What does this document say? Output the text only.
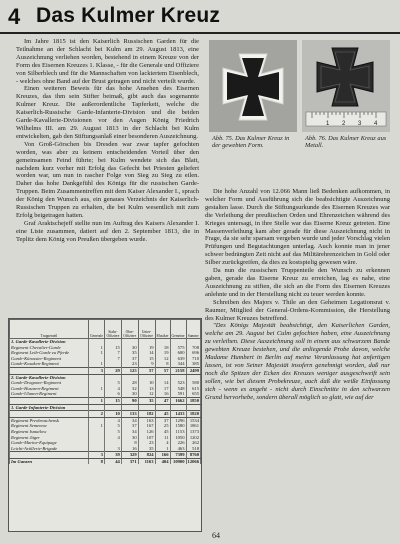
4 Das Kulmer Kreuz

Im Jahre 1815 ist den Kaiserlich Russischen Garden für die Teilnahme an der Schlacht bei Kulm am 29. August 1813, eine Auszeichnung verliehen worden, bestehend in einem Kreuze von der Form des Eisernen Kreuzes 1. Klasse, - für die Generale und Offiziere von Silberblech und für die Mannschaften von lackiertem Eisenblech, - welches ohne Band auf der Brust getragen und nicht verteilt wurde.

Einen weiteren Beweis für das hohe Ansehen des Eisernen Kreuzes, das ihm sein Stifter beimaß, gibt auch das sogenannte Kulmer Kreuz. Die außerordentliche Tapferkeit, welche die Kaiserlich-Russische Garde-Infanterie-Division und die beiden Garde-Kavallerie-Divisionen vor den Augen König Friedrich Wilhelms III. am 29. August 1813 in der Schlacht bei Kulm entwickelten, gab den Stiftungsanlaß einer besonderen Auszeichnung.

Von Groß-Görschen bis Dresden war zwar tapfer gefochten worden, was aber zu keinem entscheidenden Vorteil über den gemeinsamen Feind führte; bei Kulm wendete sich das Blatt, nachdem kurz vorher mit Erfolg das Gefecht bei Priesten geliefert worden war, um nun in rascher Folge von Sieg zu Sieg zu eilen. Daher das hohe Dankgefühl des Königs für die russischen Garde-Truppen. Beim Zusammentreffen mit dem Kaiser Alexander I., sprach der König den Wunsch aus, ein genaues Verzeichnis der Kaiserlich-Russischen Truppen zu erhalten, die bei Kulm wesentlich mit zum Erfolg beigetragen hatten.

Graf Araktschejeff stellte nun im Auftrag des Kaisers Alexander I. eine Liste zusammen, datiert auf den 2. September 1813, die in Teplitz dem König von Preußen übergeben wurde.

1 2 3 4
Abb. 75. Das Kulmer Kreuz in der gewebten Form.
Abb. 76. Das Kulmer Kreuz aus Metall.

Die hohe Anzahl von 12.066 Mann ließ Bedenken aufkommen, in welcher Form und Ausführung sich die beabsichtigte Auszeichnung gestalten lasse. Durch die Stiftungsurkunde des Eisernen Kreuzes war die Verleihung der preußischen Orden und Ehrenzeichen während des Krieges untersagt, in ihre Stelle war das Eiserne Kreuz getreten. Eine Massenverleihung kam aber gerade für diese Auszeichnung nicht in Frage, da sie sehr sparsam vergeben wurde und jeder Vorschlag vielen Prüfungen und Begutachtungen unterlag. Auch konnte man in jener schwer bedrängten Zeit nicht auf das Militärehrenzeichen in Gold oder Silber zurückgreifen, da dies zu kostspielig gewesen wäre.

Da nun die russischen Truppenteile den Wunsch zu erkennen gaben, gerade das Eiserne Kreuz zu erreichen, lag es nahe, eine Auszeichnung zu stiften, die sich an die Form des Eisernen Kreuzes anlehnte und in der Herstellung nicht zu teuer werden konnte.

Schreiben des Majors v. Thile an den Geheimen Legationsrat v. Raumer, Mitglied der General-Ordens-Kommission, die Herstellung des Kulmer Kreuzes betreffend.

"Des Königs Majestät beabsichtigt, den Kaiserlichen Garden, welche am 29. August bei Culm gefochten haben, eine Auszeichnung zu verleihen. Diese Auszeichnung soll in einem aus schwarzem Bande gewebten Kreuze bestehen, und die anliegende Probe davon, welche Madame Humbert in Berlin auf meine Veranlassung hat anfertigen lassen, ist von Seiner Majestät insofern genehmigt worden, daß nur noch die Spitzen der Ecken des Kreuzes weniger ausgeschweift sein sollen, wie bei diesem Probekreuze, auch daß die weiße Einfassung sich - wenn es angeht - nicht durch Einschnitte in den schwarzen Grund hervorhebe, sondern überall möglich so glatt, wie auf der

Truppenteil	Generale	Stabs-Offiziere	Ober-Offiziere	Unter-Offiziere	Musiker	Gemeine	Summe
1. Garde-Kavallerie-Division							
Regiment Chevalier-Garde	1	15	30	19	18	575	708
Regiment Leib-Garde zu Pferde	1	7	35	14	19	600	696
Garde-Kürassier-Regiment		7	37	15	12	639	710
Garde-Kosaken-Regiment	1		23	9	8	344	385
	3	29	125	57	57	2158	2499
2. Garde-Kavallerie-Division							
Garde-Dragoner-Regiment		5	28	10	14	523	580
Garde-Husaren-Regiment	1	4	32	13	17	548	615
Garde-Ulanen-Regiment		6	30	12	16	591	655
	1	15	90	35	47	1662	1850
1. Garde-Infanterie-Division							
	2	10	133	182	45	1433	1820
Regiment Preobraschensk		4	34	163	37	1296	1534
Regiment Semenow	1	5	37	167	25	1580	1861
Regiment Ismailow		5	34	126	45	1153	1373
Regiment Jäger		4	30	107	11	1050	1202
Garde-Marine-Equipage			8	23	4	226	262
Leicht-Artillerie-Brigade		3	16	35	1	463	518
	3	39	329	824	166	7399	8760
Im Ganzen	8	44	371	1163	404	10900	12066
64
